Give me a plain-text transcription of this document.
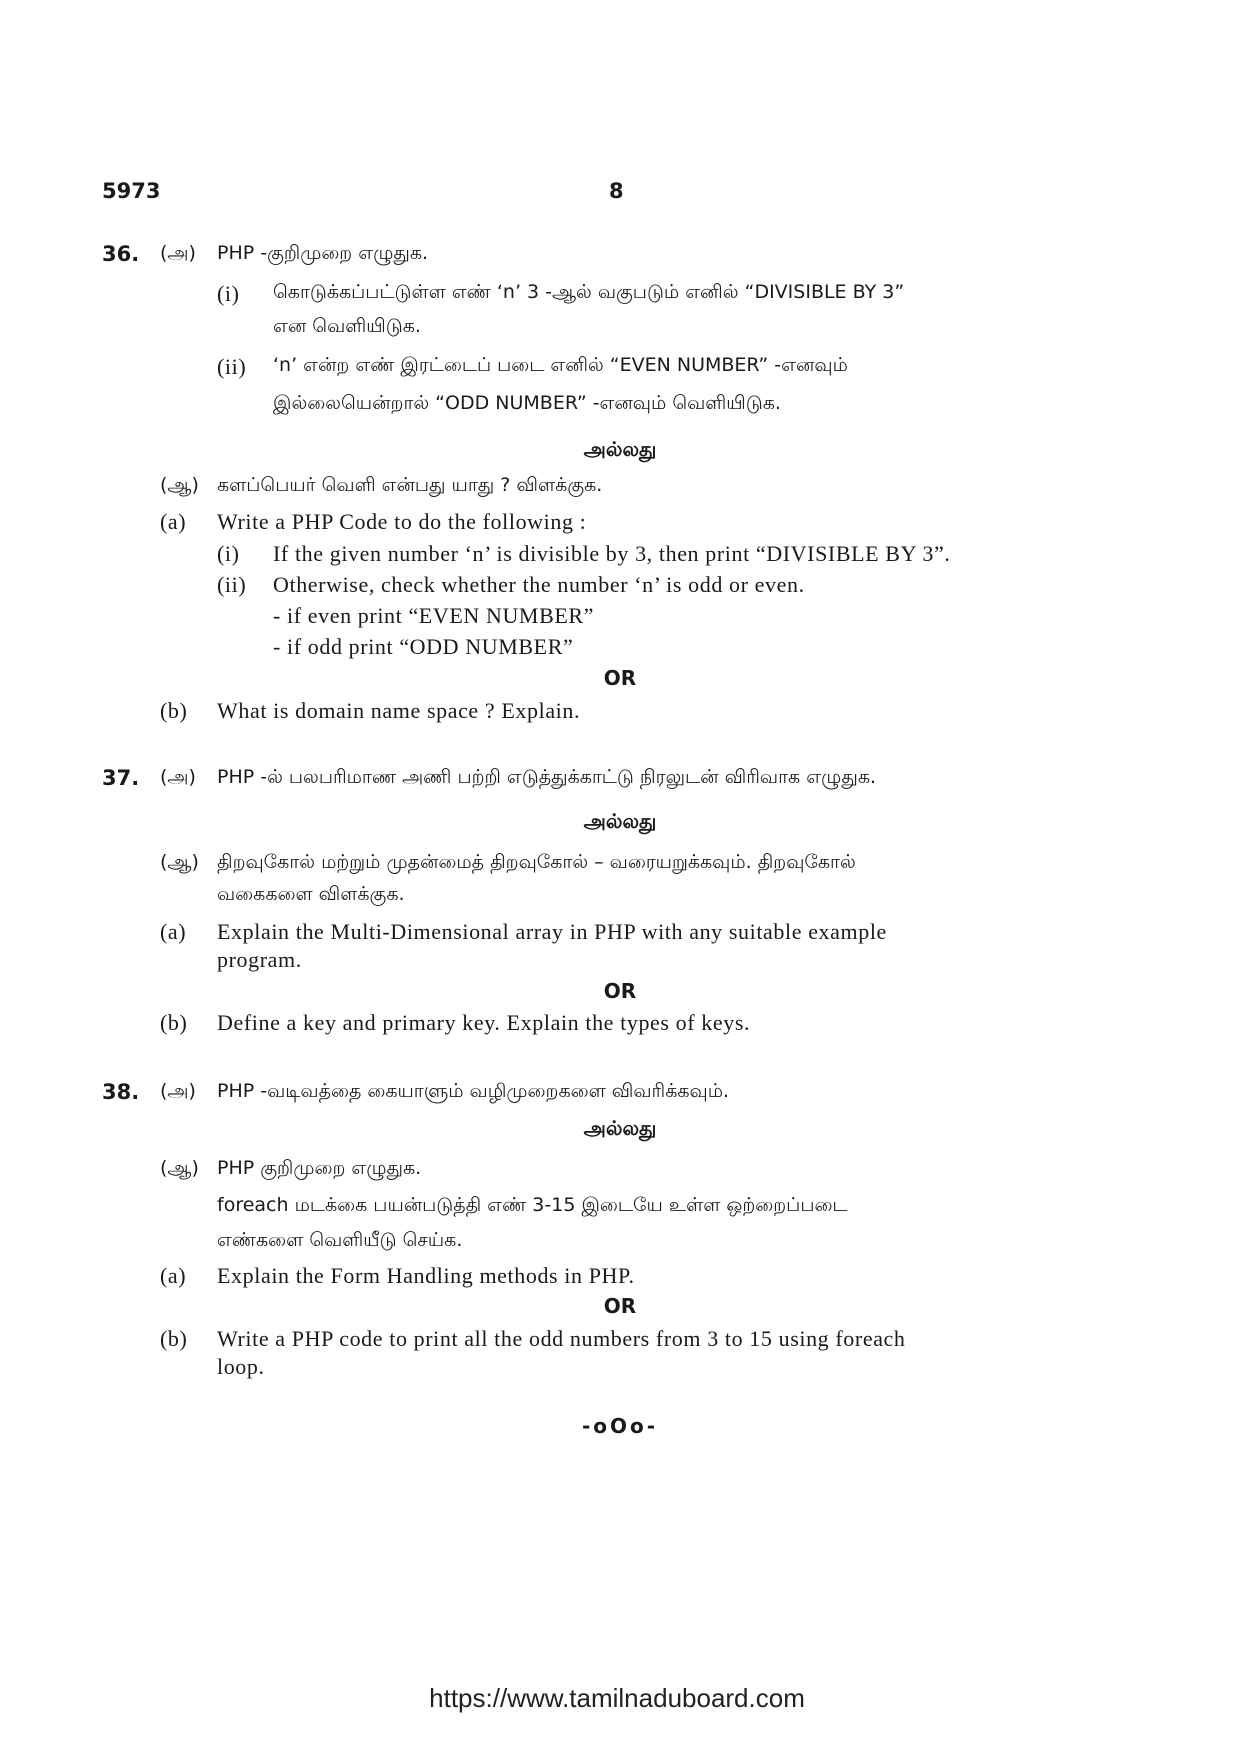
5973	8
36. (அ) PHP -குறிமுறை எழுதுக.
(i) கொடுக்கப்பட்டுள்ள எண் ‘n’ 3 -ஆல் வகுபடும் எனில் “DIVISIBLE BY 3”
என வெளியிடுக.
(ii) ‘n’ என்ற எண் இரட்டைப் படை எனில் “EVEN NUMBER” -எனவும்
இல்லையென்றால் “ODD NUMBER” -எனவும் வெளியிடுக.
அல்லது
(ஆ) களப்பெயர் வெளி என்பது யாது ? விளக்குக.
(a) Write a PHP Code to do the following :
(i) If the given number ‘n’ is divisible by 3, then print “DIVISIBLE BY 3”.
(ii) Otherwise, check whether the number ‘n’ is odd or even.
- if even print “EVEN NUMBER”
- if odd print “ODD NUMBER”
OR
(b) What is domain name space ? Explain.
37. (அ) PHP -ல் பலபரிமாண அணி பற்றி எடுத்துக்காட்டு நிரலுடன் விரிவாக எழுதுக.
அல்லது
(ஆ) திறவுகோல் மற்றும் முதன்மைத் திறவுகோல் – வரையறுக்கவும். திறவுகோல்
வகைகளை விளக்குக.
(a) Explain the Multi-Dimensional array in PHP with any suitable example
program.
OR
(b) Define a key and primary key. Explain the types of keys.
38. (அ) PHP -வடிவத்தை கையாளும் வழிமுறைகளை விவரிக்கவும்.
அல்லது
(ஆ) PHP குறிமுறை எழுதுக.
foreach மடக்கை பயன்படுத்தி எண் 3-15 இடையே உள்ள ஒற்றைப்படை
எண்களை வெளியீடு செய்க.
(a) Explain the Form Handling methods in PHP.
OR
(b) Write a PHP code to print all the odd numbers from 3 to 15 using foreach
loop.
-oOo-
https://www.tamilnaduboard.com
